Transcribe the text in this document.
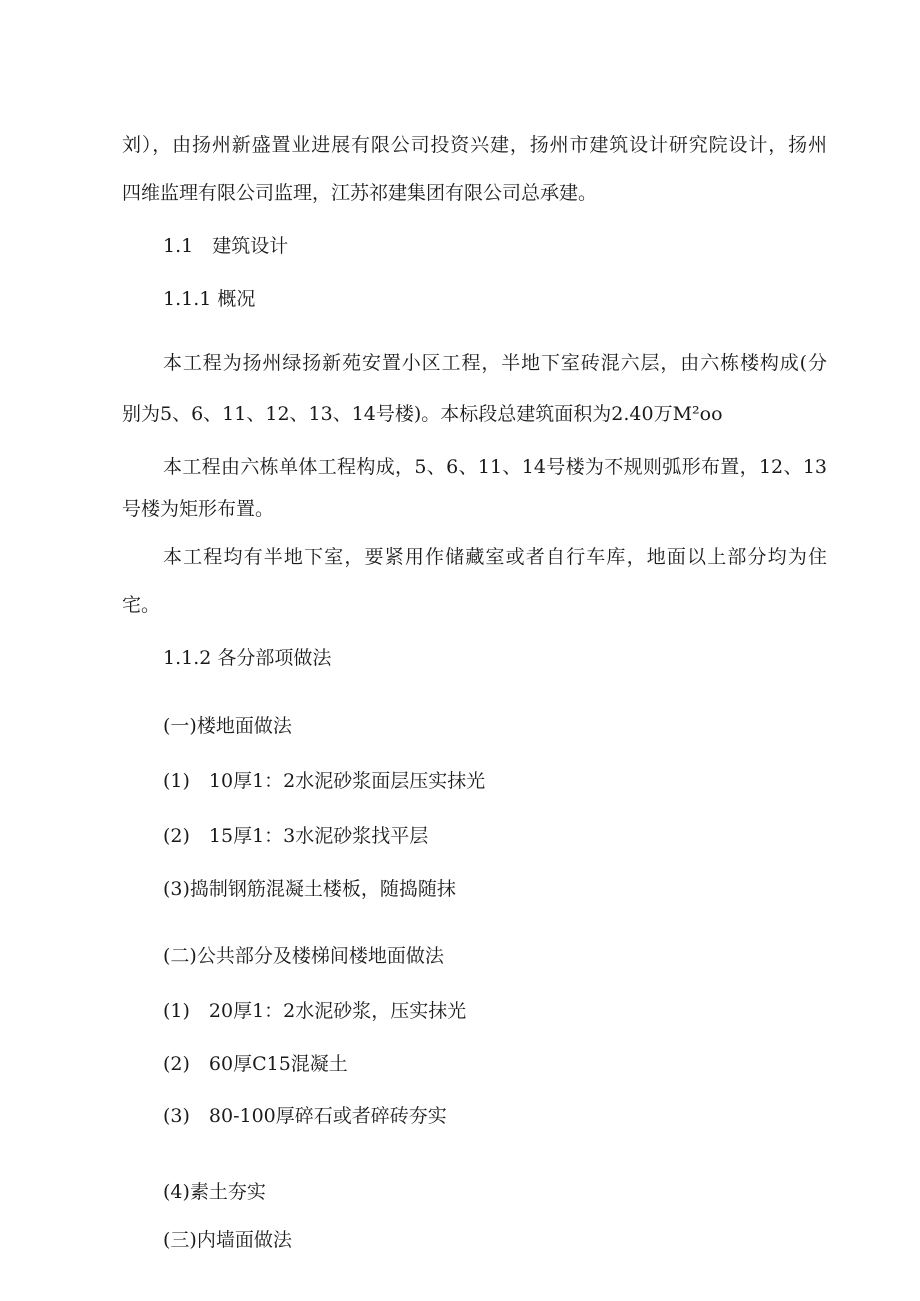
刘），由扬州新盛置业进展有限公司投资兴建，扬州市建筑设计研究院设计，扬州
四维监理有限公司监理，江苏祁建集团有限公司总承建。
1.1　建筑设计
1.1.1 概况
本工程为扬州绿扬新苑安置小区工程，半地下室砖混六层，由六栋楼构成(分
别为5、6、11、12、13、14号楼)。本标段总建筑面积为2.40万M²oo
本工程由六栋单体工程构成，5、6、11、14号楼为不规则弧形布置，12、13
号楼为矩形布置。
本工程均有半地下室，要紧用作储藏室或者自行车库，地面以上部分均为住
宅。
1.1.2 各分部项做法
(一)楼地面做法
(1)　10厚1：2水泥砂浆面层压实抹光
(2)　15厚1：3水泥砂浆找平层
(3)捣制钢筋混凝土楼板，随捣随抹
(二)公共部分及楼梯间楼地面做法
(1)　20厚1：2水泥砂浆，压实抹光
(2)　60厚C15混凝土
(3)　80-100厚碎石或者碎砖夯实
(4)素土夯实
(三)内墙面做法
